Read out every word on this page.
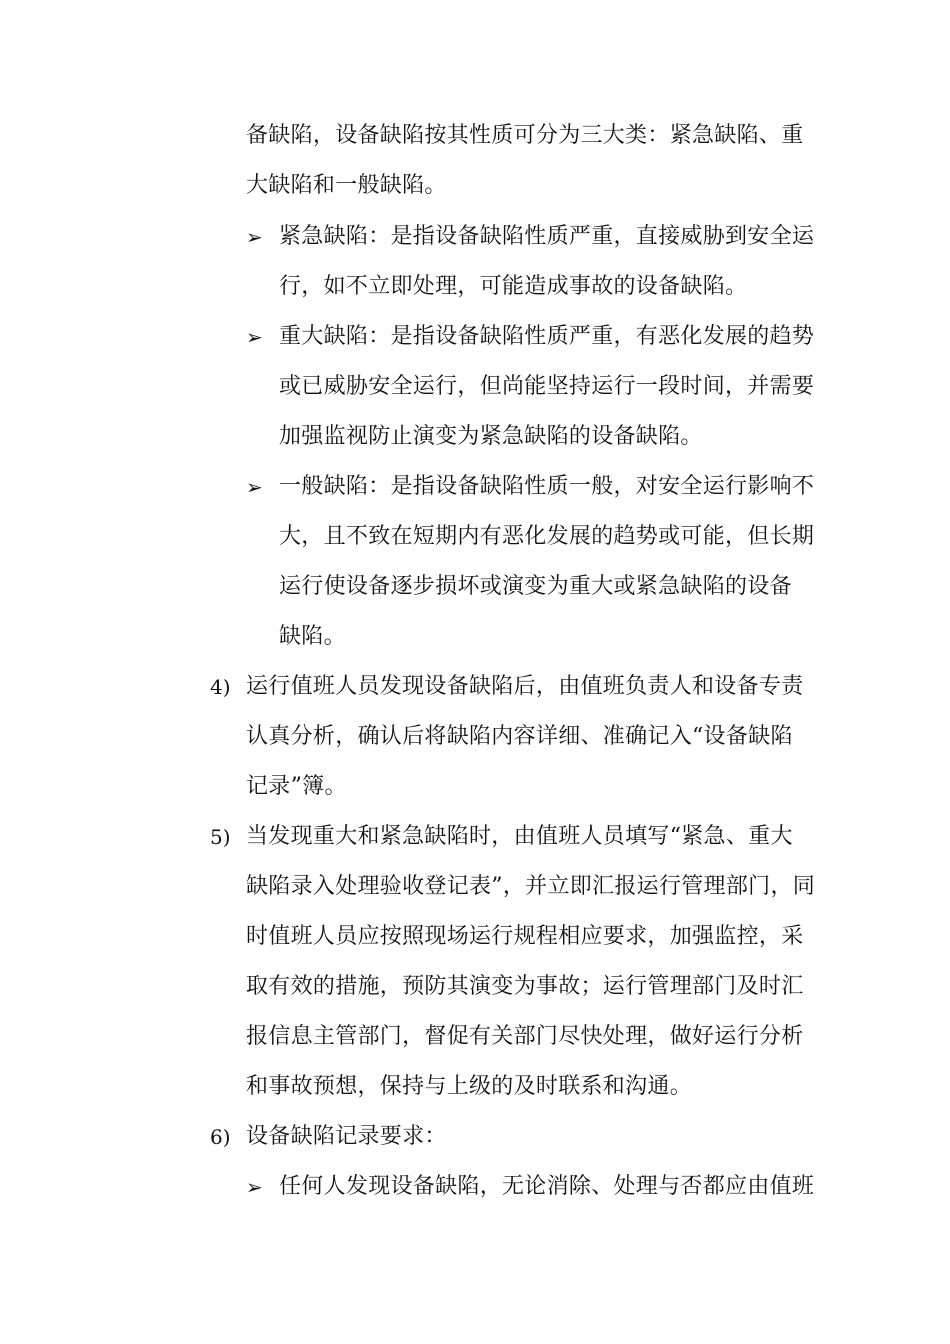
备缺陷，设备缺陷按其性质可分为三大类：紧急缺陷、重
大缺陷和一般缺陷。
➢ 紧急缺陷：是指设备缺陷性质严重，直接威胁到安全运
行，如不立即处理，可能造成事故的设备缺陷。
➢ 重大缺陷：是指设备缺陷性质严重，有恶化发展的趋势
或已威胁安全运行，但尚能坚持运行一段时间，并需要
加强监视防止演变为紧急缺陷的设备缺陷。
➢ 一般缺陷：是指设备缺陷性质一般，对安全运行影响不
大，且不致在短期内有恶化发展的趋势或可能，但长期
运行使设备逐步损坏或演变为重大或紧急缺陷的设备
缺陷。
4) 运行值班人员发现设备缺陷后，由值班负责人和设备专责
认真分析，确认后将缺陷内容详细、准确记入“设备缺陷
记录”簿。
5) 当发现重大和紧急缺陷时，由值班人员填写“紧急、重大
缺陷录入处理验收登记表”，并立即汇报运行管理部门，同
时值班人员应按照现场运行规程相应要求，加强监控，采
取有效的措施，预防其演变为事故；运行管理部门及时汇
报信息主管部门，督促有关部门尽快处理，做好运行分析
和事故预想，保持与上级的及时联系和沟通。
6) 设备缺陷记录要求：
➢ 任何人发现设备缺陷，无论消除、处理与否都应由值班
